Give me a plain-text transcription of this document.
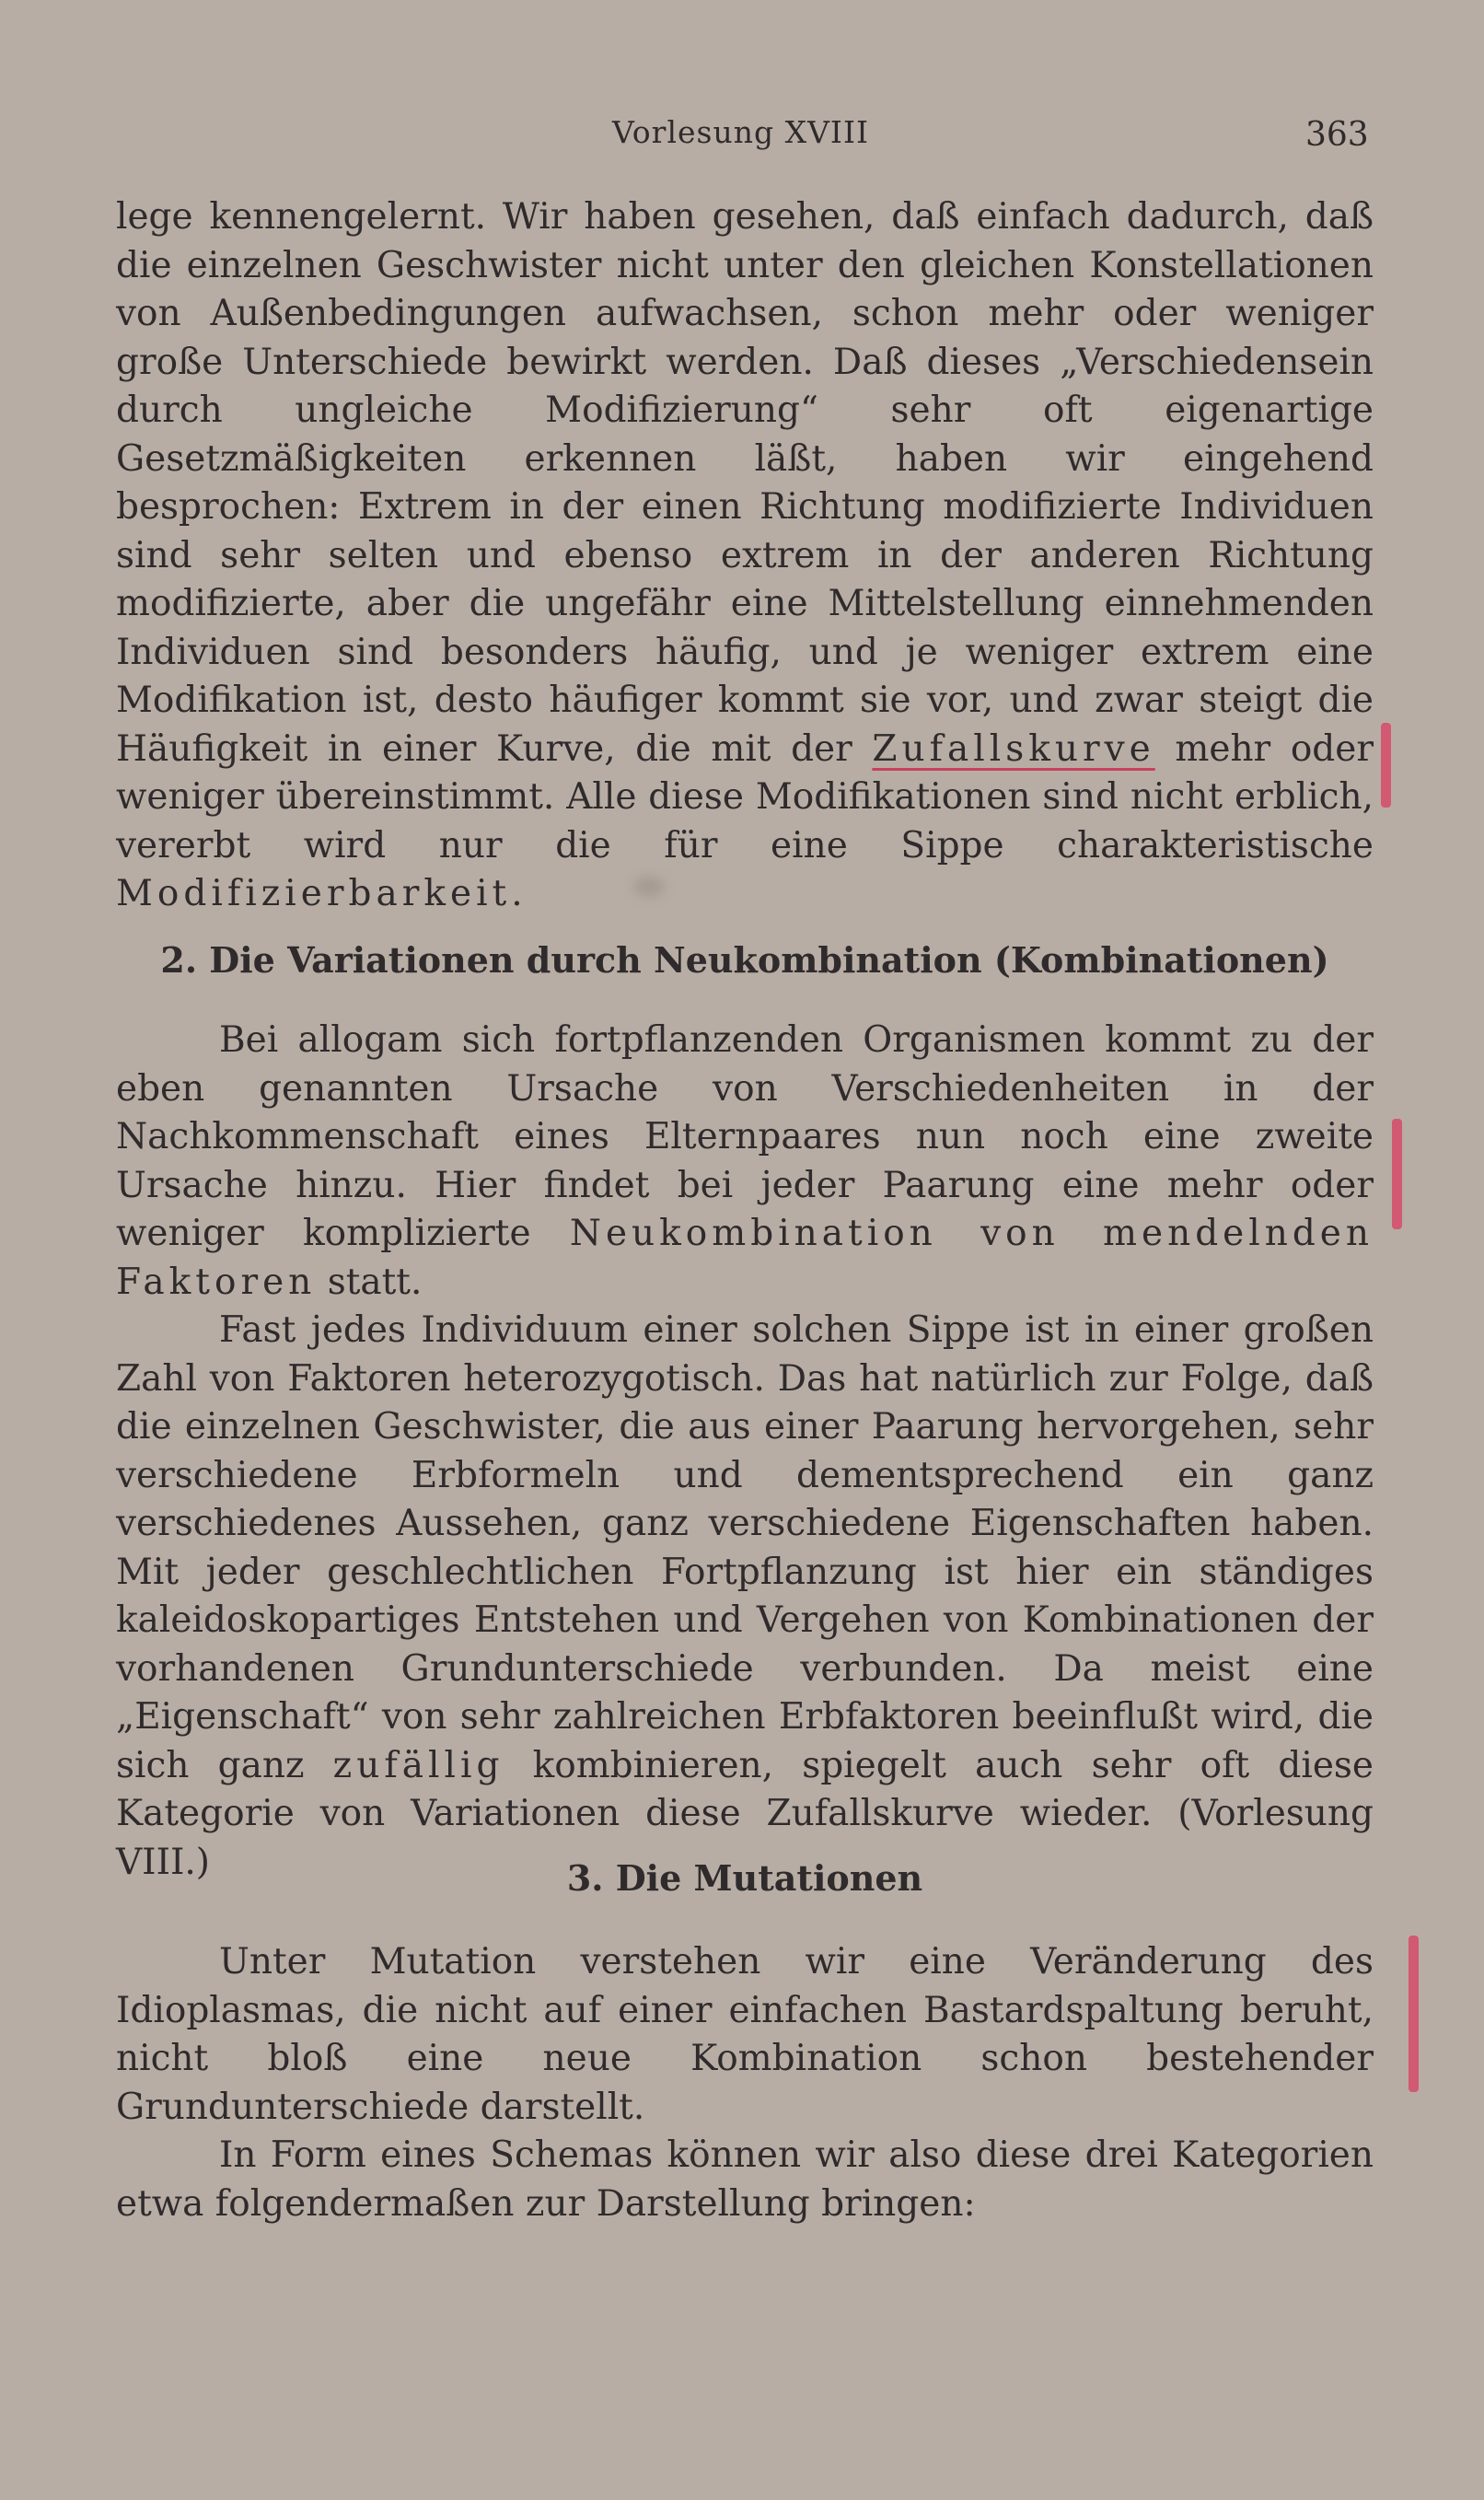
Vorlesung XVIII	363

lege kennengelernt. Wir haben gesehen, daß einfach dadurch, daß die einzelnen Geschwister nicht unter den gleichen Konstellationen von Außenbedingungen aufwachsen, schon mehr oder weniger große Unterschiede bewirkt werden. Daß dieses „Verschiedensein durch ungleiche Modifizierung“ sehr oft eigenartige Gesetzmäßigkeiten erkennen läßt, haben wir eingehend besprochen: Extrem in der einen Richtung modifizierte Individuen sind sehr selten und ebenso extrem in der anderen Richtung modifizierte, aber die ungefähr eine Mittelstellung einnehmenden Individuen sind besonders häufig, und je weniger extrem eine Modifikation ist, desto häufiger kommt sie vor, und zwar steigt die Häufigkeit in einer Kurve, die mit der Zufallskurve mehr oder weniger übereinstimmt. Alle diese Modifikationen sind nicht erblich, vererbt wird nur die für eine Sippe charakteristische Modifizierbarkeit.

2. Die Variationen durch Neukombination (Kombinationen)

Bei allogam sich fortpflanzenden Organismen kommt zu der eben genannten Ursache von Verschiedenheiten in der Nachkommenschaft eines Elternpaares nun noch eine zweite Ursache hinzu. Hier findet bei jeder Paarung eine mehr oder weniger komplizierte Neukombination von mendelnden Faktoren statt.

Fast jedes Individuum einer solchen Sippe ist in einer großen Zahl von Faktoren heterozygotisch. Das hat natürlich zur Folge, daß die einzelnen Geschwister, die aus einer Paarung hervorgehen, sehr verschiedene Erbformeln und dementsprechend ein ganz verschiedenes Aussehen, ganz verschiedene Eigenschaften haben. Mit jeder geschlechtlichen Fortpflanzung ist hier ein ständiges kaleidoskopartiges Entstehen und Vergehen von Kombinationen der vorhandenen Grundunterschiede verbunden. Da meist eine „Eigenschaft“ von sehr zahlreichen Erbfaktoren beeinflußt wird, die sich ganz zufällig kombinieren, spiegelt auch sehr oft diese Kategorie von Variationen diese Zufallskurve wieder. (Vorlesung VIII.)	3. Die Mutationen

Unter Mutation verstehen wir eine Veränderung des Idioplasmas, die nicht auf einer einfachen Bastardspaltung beruht, nicht bloß eine neue Kombination schon bestehender Grundunterschiede darstellt.

In Form eines Schemas können wir also diese drei Kategorien etwa folgendermaßen zur Darstellung bringen:
